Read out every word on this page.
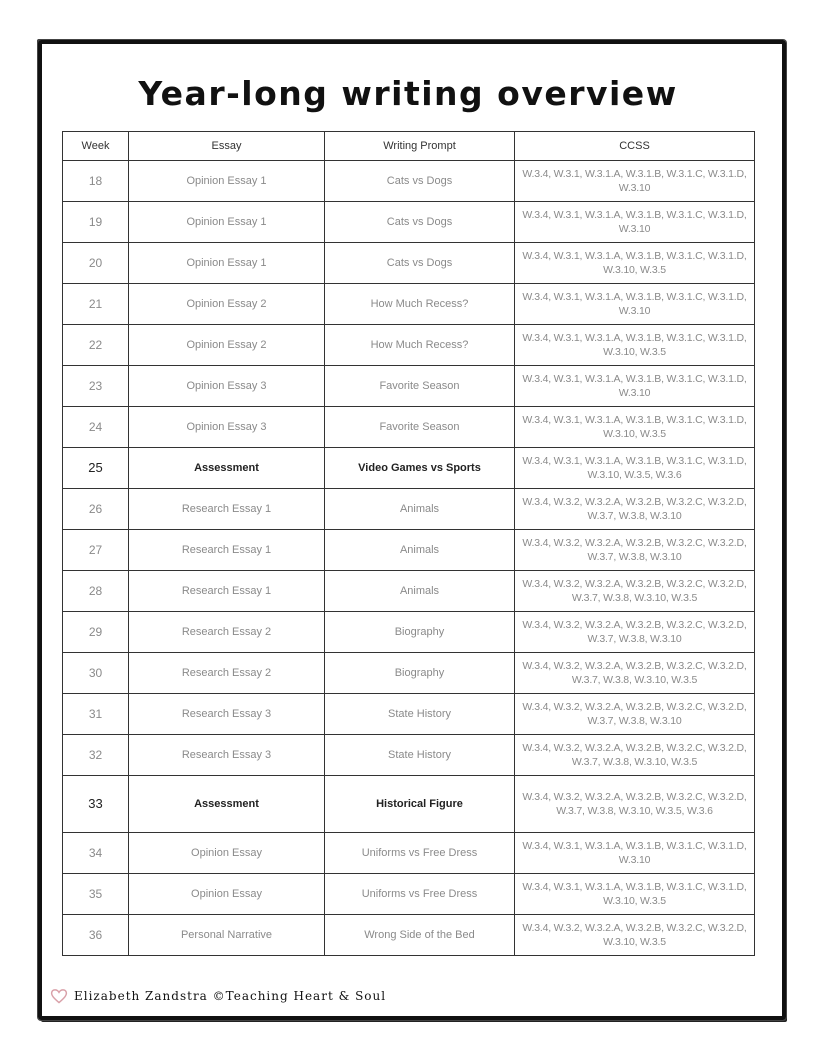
Year-long writing overview
Week	Essay	Writing Prompt	CCSS
18	Opinion Essay 1	Cats vs Dogs	W.3.4, W.3.1, W.3.1.A, W.3.1.B, W.3.1.C, W.3.1.D, W.3.10
19	Opinion Essay 1	Cats vs Dogs	W.3.4, W.3.1, W.3.1.A, W.3.1.B, W.3.1.C, W.3.1.D, W.3.10
20	Opinion Essay 1	Cats vs Dogs	W.3.4, W.3.1, W.3.1.A, W.3.1.B, W.3.1.C, W.3.1.D, W.3.10, W.3.5
21	Opinion Essay 2	How Much Recess?	W.3.4, W.3.1, W.3.1.A, W.3.1.B, W.3.1.C, W.3.1.D, W.3.10
22	Opinion Essay 2	How Much Recess?	W.3.4, W.3.1, W.3.1.A, W.3.1.B, W.3.1.C, W.3.1.D, W.3.10, W.3.5
23	Opinion Essay 3	Favorite Season	W.3.4, W.3.1, W.3.1.A, W.3.1.B, W.3.1.C, W.3.1.D, W.3.10
24	Opinion Essay 3	Favorite Season	W.3.4, W.3.1, W.3.1.A, W.3.1.B, W.3.1.C, W.3.1.D, W.3.10, W.3.5
25	Assessment	Video Games vs Sports	W.3.4, W.3.1, W.3.1.A, W.3.1.B, W.3.1.C, W.3.1.D, W.3.10, W.3.5, W.3.6
26	Research Essay 1	Animals	W.3.4, W.3.2, W.3.2.A, W.3.2.B, W.3.2.C, W.3.2.D, W.3.7, W.3.8, W.3.10
27	Research Essay 1	Animals	W.3.4, W.3.2, W.3.2.A, W.3.2.B, W.3.2.C, W.3.2.D, W.3.7, W.3.8, W.3.10
28	Research Essay 1	Animals	W.3.4, W.3.2, W.3.2.A, W.3.2.B, W.3.2.C, W.3.2.D, W.3.7, W.3.8, W.3.10, W.3.5
29	Research Essay 2	Biography	W.3.4, W.3.2, W.3.2.A, W.3.2.B, W.3.2.C, W.3.2.D, W.3.7, W.3.8, W.3.10
30	Research Essay 2	Biography	W.3.4, W.3.2, W.3.2.A, W.3.2.B, W.3.2.C, W.3.2.D, W.3.7, W.3.8, W.3.10, W.3.5
31	Research Essay 3	State History	W.3.4, W.3.2, W.3.2.A, W.3.2.B, W.3.2.C, W.3.2.D, W.3.7, W.3.8, W.3.10
32	Research Essay 3	State History	W.3.4, W.3.2, W.3.2.A, W.3.2.B, W.3.2.C, W.3.2.D, W.3.7, W.3.8, W.3.10, W.3.5
33	Assessment	Historical Figure	W.3.4, W.3.2, W.3.2.A, W.3.2.B, W.3.2.C, W.3.2.D, W.3.7, W.3.8, W.3.10, W.3.5, W.3.6
34	Opinion Essay	Uniforms vs Free Dress	W.3.4, W.3.1, W.3.1.A, W.3.1.B, W.3.1.C, W.3.1.D, W.3.10
35	Opinion Essay	Uniforms vs Free Dress	W.3.4, W.3.1, W.3.1.A, W.3.1.B, W.3.1.C, W.3.1.D, W.3.10, W.3.5
36	Personal Narrative	Wrong Side of the Bed	W.3.4, W.3.2, W.3.2.A, W.3.2.B, W.3.2.C, W.3.2.D, W.3.10, W.3.5
Elizabeth Zandstra ©Teaching Heart & Soul
